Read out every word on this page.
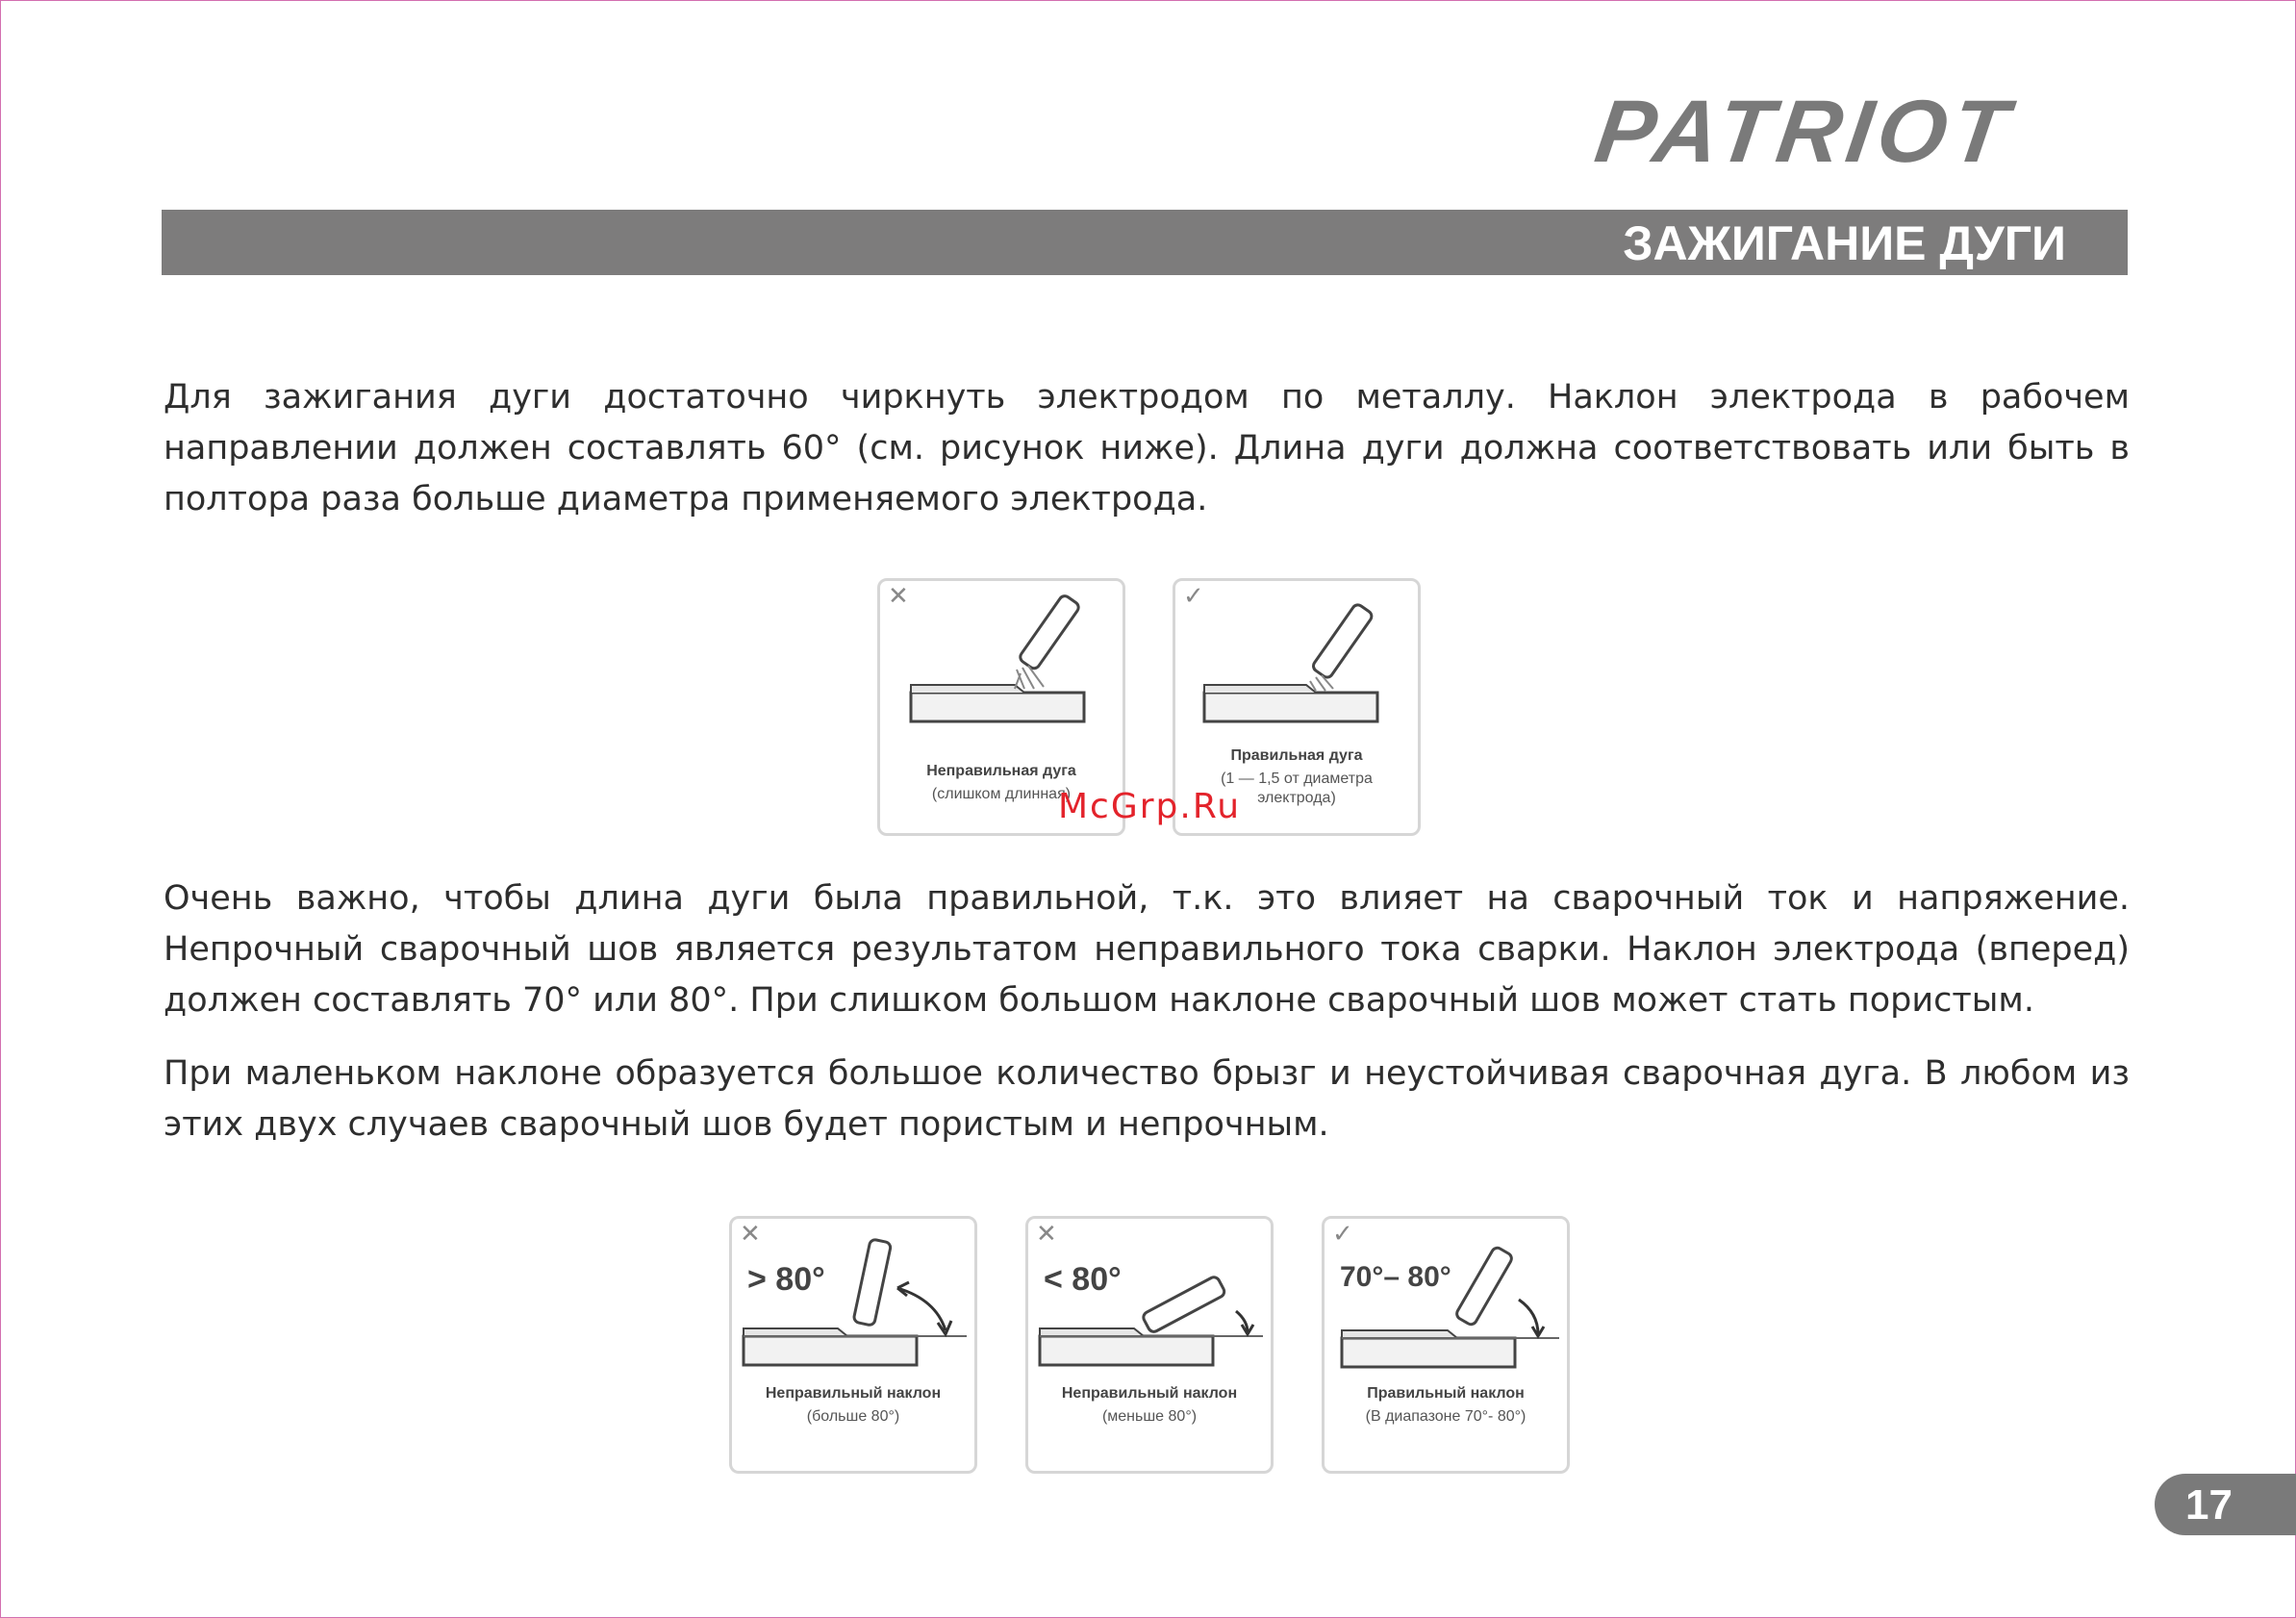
PATRIOT
ЗАЖИГАНИЕ ДУГИ

Для зажигания дуги достаточно чиркнуть электродом по металлу. Наклон электрода в рабочем направлении должен составлять 60° (см. рисунок ниже). Длина дуги должна соответствовать или быть в полтора раза больше диаметра применяемого электрода.

✕
Неправильная дуга
(слишком длинная)
✓
Правильная дуга
(1 — 1,5 от диаметра электрода)
McGrp.Ru

Очень важно, чтобы длина дуги была правильной, т.к. это влияет на сварочный ток и напряжение. Непрочный сварочный шов является результатом неправильного тока сварки. Наклон электрода (вперед) должен составлять 70° или 80°. При слишком большом наклоне сварочный шов может стать пористым.

При маленьком наклоне образуется большое количество брызг и неустойчивая сварочная дуга. В любом из этих двух случаев сварочный шов будет пористым и непрочным.

✕
> 80°
Неправильный наклон
(больше 80°)
✕
< 80°
Неправильный наклон
(меньше 80°)
✓
70°– 80°
Правильный наклон
(В диапазоне 70°- 80°)
17
